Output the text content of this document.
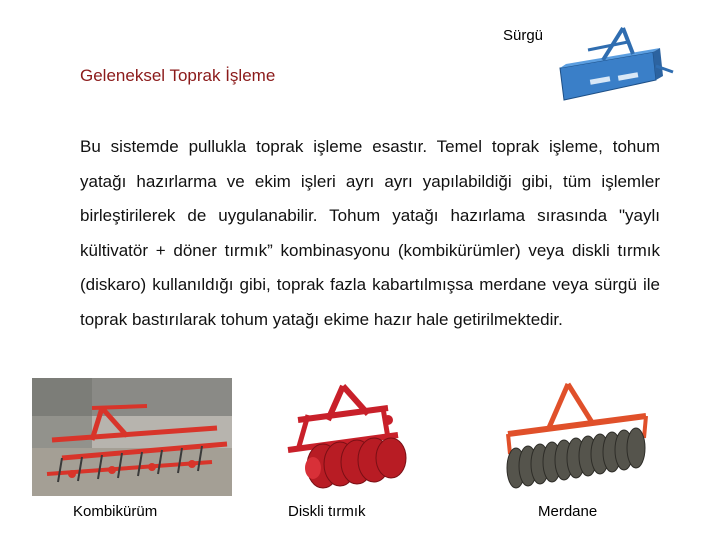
Sürgü
Geleneksel Toprak İşleme
Bu sistemde pullukla toprak işleme esastır. Temel toprak işleme, tohum yatağı hazırlarma ve ekim işleri ayrı ayrı yapılabildiği gibi, tüm işlemler birleştirilerek de uygulanabilir. Tohum yatağı hazırlama sırasında "yaylı kültivatör + döner tırmık” kombinasyonu (kombikürümler) veya diskli tırmık (diskaro) kullanıldığı gibi, toprak fazla kabartılmışsa merdane veya sürgü ile toprak bastırılarak tohum yatağı ekime hazır hale getirilmektedir.
Kombikürüm	Diskli tırmık	Merdane
